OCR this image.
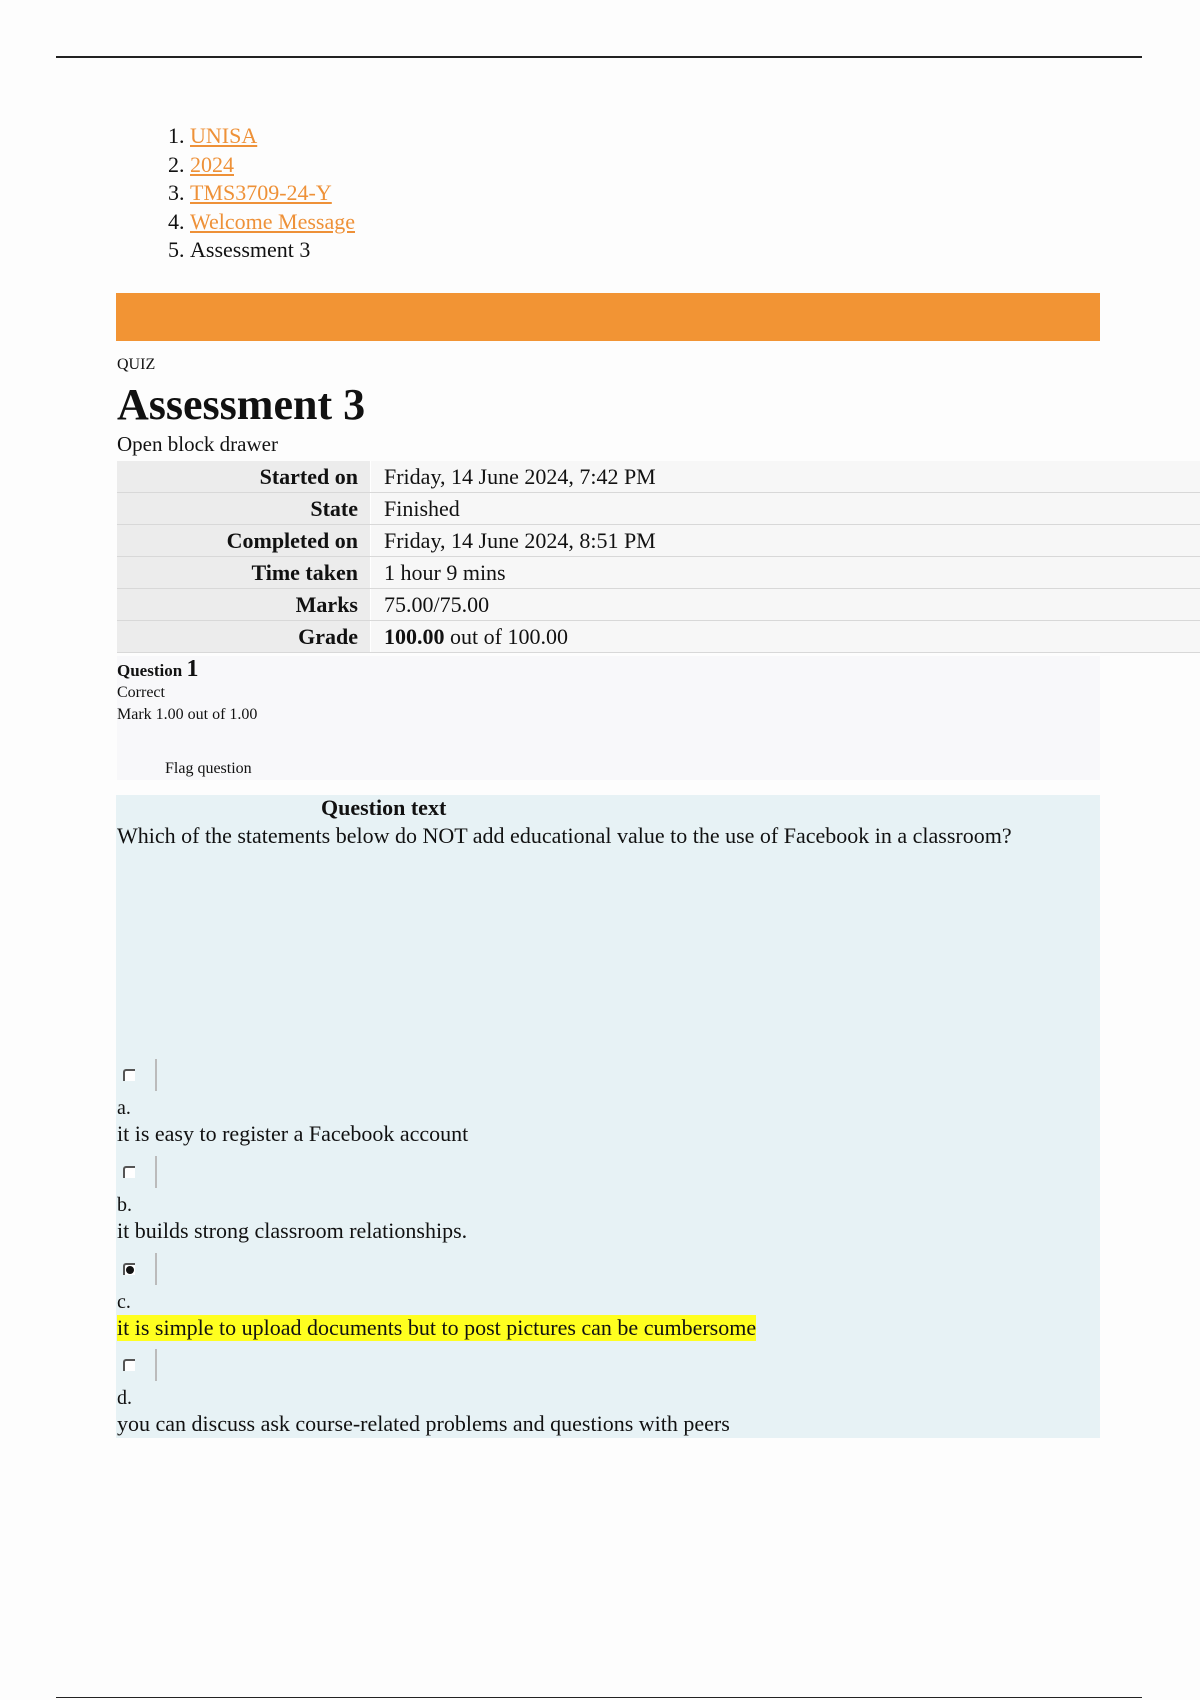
1. UNISA
2. 2024
3. TMS3709-24-Y
4. Welcome Message
5. Assessment 3
QUIZ
Assessment 3
Open block drawer
Started on	Friday, 14 June 2024, 7:42 PM
State	Finished
Completed on	Friday, 14 June 2024, 8:51 PM
Time taken	1 hour 9 mins
Marks	75.00/75.00
Grade	100.00 out of 100.00
Question 1
Correct
Mark 1.00 out of 1.00
Flag question
Question text
Which of the statements below do NOT add educational value to the use of Facebook in a classroom?
a.
it is easy to register a Facebook account
b.
it builds strong classroom relationships.
c.
it is simple to upload documents but to post pictures can be cumbersome
d.
you can discuss ask course-related problems and questions with peers
